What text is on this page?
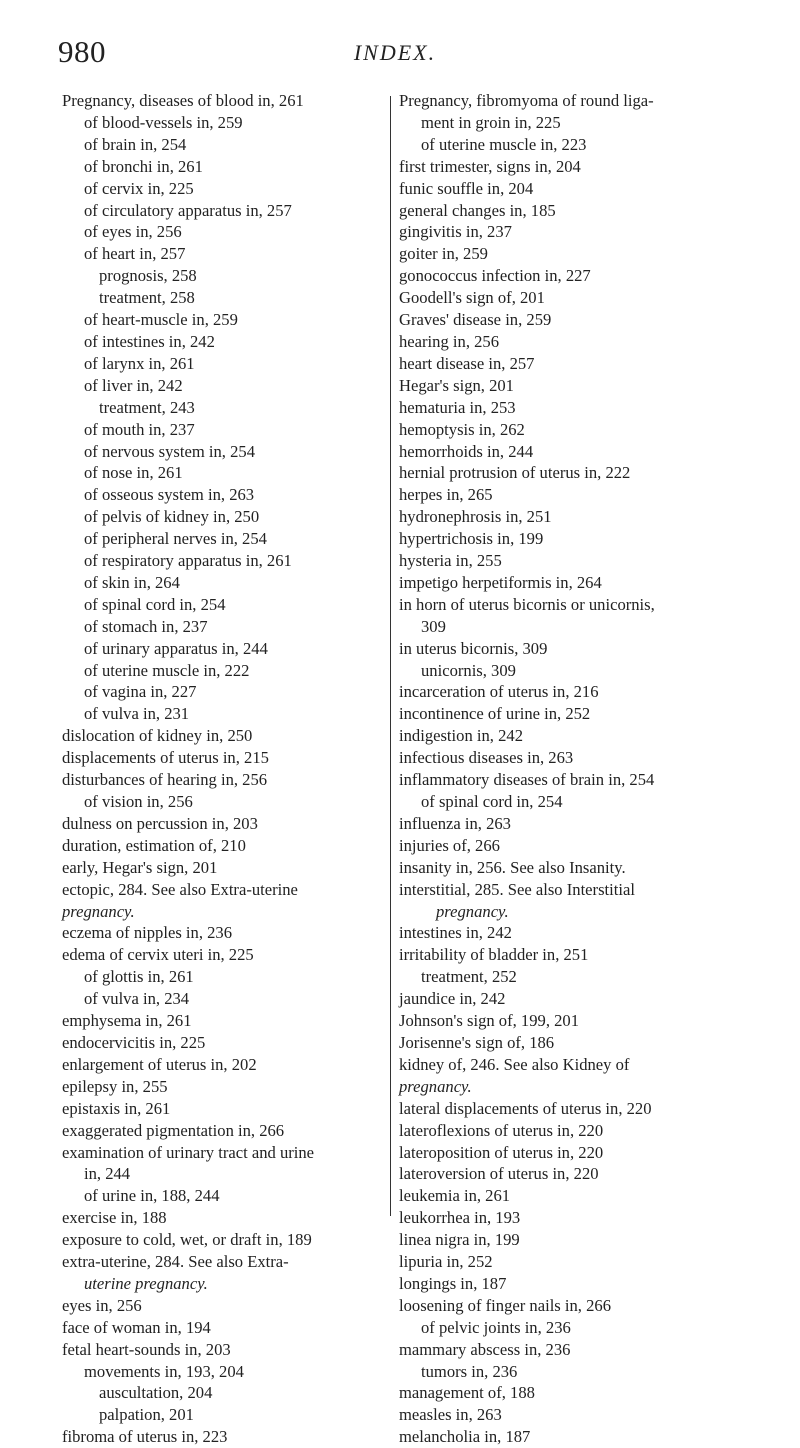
980	INDEX.
Pregnancy, diseases of blood in, 261
of blood-vessels in, 259
of brain in, 254
of bronchi in, 261
of cervix in, 225
of circulatory apparatus in, 257
of eyes in, 256
of heart in, 257
prognosis, 258
treatment, 258
of heart-muscle in, 259
of intestines in, 242
of larynx in, 261
of liver in, 242
treatment, 243
of mouth in, 237
of nervous system in, 254
of nose in, 261
of osseous system in, 263
of pelvis of kidney in, 250
of peripheral nerves in, 254
of respiratory apparatus in, 261
of skin in, 264
of spinal cord in, 254
of stomach in, 237
of urinary apparatus in, 244
of uterine muscle in, 222
of vagina in, 227
of vulva in, 231
dislocation of kidney in, 250
displacements of uterus in, 215
disturbances of hearing in, 256
of vision in, 256
dulness on percussion in, 203
duration, estimation of, 210
early, Hegar's sign, 201
ectopic, 284. See also Extra-uterine
pregnancy.
eczema of nipples in, 236
edema of cervix uteri in, 225
of glottis in, 261
of vulva in, 234
emphysema in, 261
endocervicitis in, 225
enlargement of uterus in, 202
epilepsy in, 255
epistaxis in, 261
exaggerated pigmentation in, 266
examination of urinary tract and urine
in, 244
of urine in, 188, 244
exercise in, 188
exposure to cold, wet, or draft in, 189
extra-uterine, 284. See also Extra-
uterine pregnancy.
eyes in, 256
face of woman in, 194
fetal heart-sounds in, 203
movements in, 193, 204
auscultation, 204
palpation, 201
fibroma of uterus in, 223
Pregnancy, fibromyoma of round liga-
ment in groin in, 225
of uterine muscle in, 223
first trimester, signs in, 204
funic souffle in, 204
general changes in, 185
gingivitis in, 237
goiter in, 259
gonococcus infection in, 227
Goodell's sign of, 201
Graves' disease in, 259
hearing in, 256
heart disease in, 257
Hegar's sign, 201
hematuria in, 253
hemoptysis in, 262
hemorrhoids in, 244
hernial protrusion of uterus in, 222
herpes in, 265
hydronephrosis in, 251
hypertrichosis in, 199
hysteria in, 255
impetigo herpetiformis in, 264
in horn of uterus bicornis or unicornis,
309
in uterus bicornis, 309
unicornis, 309
incarceration of uterus in, 216
incontinence of urine in, 252
indigestion in, 242
infectious diseases in, 263
inflammatory diseases of brain in, 254
of spinal cord in, 254
influenza in, 263
injuries of, 266
insanity in, 256. See also Insanity.
interstitial, 285. See also Interstitial
pregnancy.
intestines in, 242
irritability of bladder in, 251
treatment, 252
jaundice in, 242
Johnson's sign of, 199, 201
Jorisenne's sign of, 186
kidney of, 246. See also Kidney of
pregnancy.
lateral displacements of uterus in, 220
lateroflexions of uterus in, 220
lateroposition of uterus in, 220
lateroversion of uterus in, 220
leukemia in, 261
leukorrhea in, 193
linea nigra in, 199
lipuria in, 252
longings in, 187
loosening of finger nails in, 266
of pelvic joints in, 236
mammary abscess in, 236
tumors in, 236
management of, 188
measles in, 263
melancholia in, 187
